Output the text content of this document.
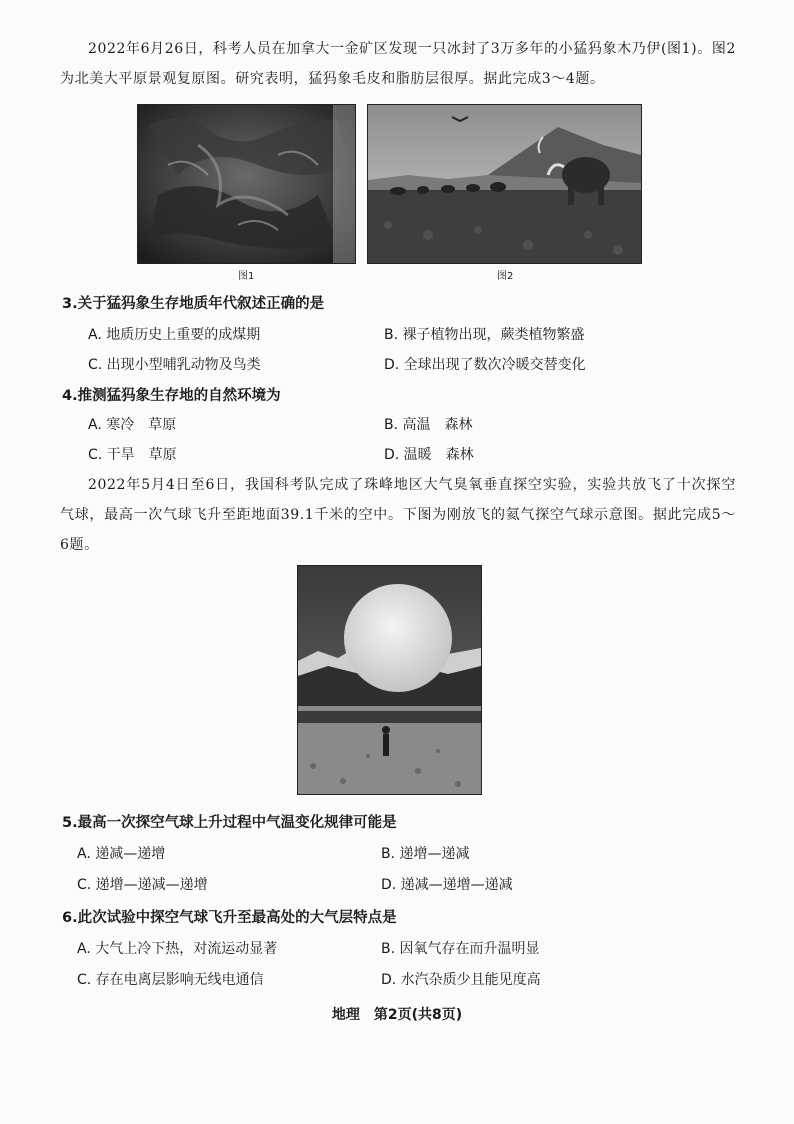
2022年6月26日，科考人员在加拿大一金矿区发现一只冰封了3万多年的小猛犸象木乃伊(图1)。图2为北美大平原景观复原图。研究表明，猛犸象毛皮和脂肪层很厚。据此完成3～4题。
图1	图2
3.关于猛犸象生存地质年代叙述正确的是
A. 地质历史上重要的成煤期	B. 裸子植物出现，蕨类植物繁盛
C. 出现小型哺乳动物及鸟类	D. 全球出现了数次冷暖交替变化
4.推测猛犸象生存地的自然环境为
A. 寒冷　草原	B. 高温　森林
C. 干旱　草原	D. 温暖　森林
2022年5月4日至6日，我国科考队完成了珠峰地区大气臭氧垂直探空实验，实验共放飞了十次探空气球，最高一次气球飞升至距地面39.1千米的空中。下图为刚放飞的氦气探空气球示意图。据此完成5～6题。
5.最高一次探空气球上升过程中气温变化规律可能是
A. 递减—递增	B. 递增—递减
C. 递增—递减—递增	D. 递减—递增—递减
6.此次试验中探空气球飞升至最高处的大气层特点是
A. 大气上冷下热，对流运动显著	B. 因氧气存在而升温明显
C. 存在电离层影响无线电通信	D. 水汽杂质少且能见度高
地理　第2页(共8页)
